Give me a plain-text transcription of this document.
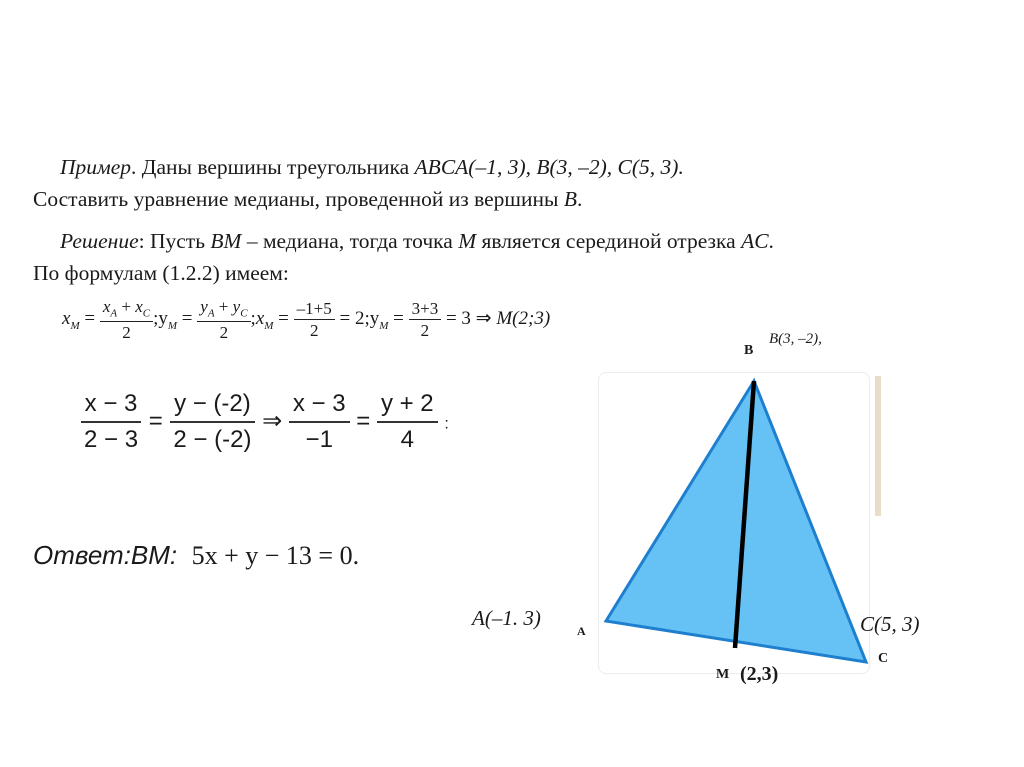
Пример. Даны вершины треугольника ABCA(–1, 3), B(3, –2), C(5, 3).
Составить уравнение медианы, проведенной из вершины B.
Решение: Пусть BM – медиана, тогда точка M является серединой отрезка AC.
По формулам (1.2.2) имеем:
$x_M = \frac{x_A + x_C}{2}$ $;y_M = \frac{y_A + y_C}{2}$ $;x_M = \frac{-1+5}{2}$ = $2;y_M = \frac{3+3}{2} = 3$ ⇒ M(2;3)
$\frac{x - 3}{2 - 3} = \frac{y - (-2)}{2 - (-2)}$ ⇒ $\frac{x - 3}{-1} = \frac{y + 2}{4}$ :
Ответ:BM: 5x + y − 13 = 0.
B
B(3, –2),
A(–1. 3)
A	C(5, 3)
C
M (2,3)
